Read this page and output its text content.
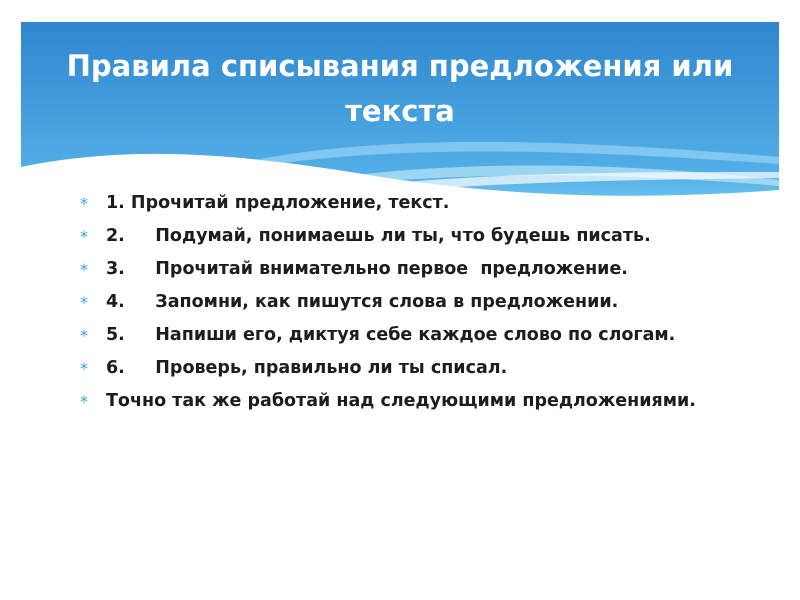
Правила списывания предложения или текста
* 1. Прочитай предложение, текст.
* 2.     Подумай, понимаешь ли ты, что будешь писать.
* 3.     Прочитай внимательно первое  предложение.
* 4.     Запомни, как пишутся слова в предложении.
* 5.     Напиши его, диктуя себе каждое слово по слогам.
* 6.     Проверь, правильно ли ты списал.
* Точно так же работай над следующими предложениями.
